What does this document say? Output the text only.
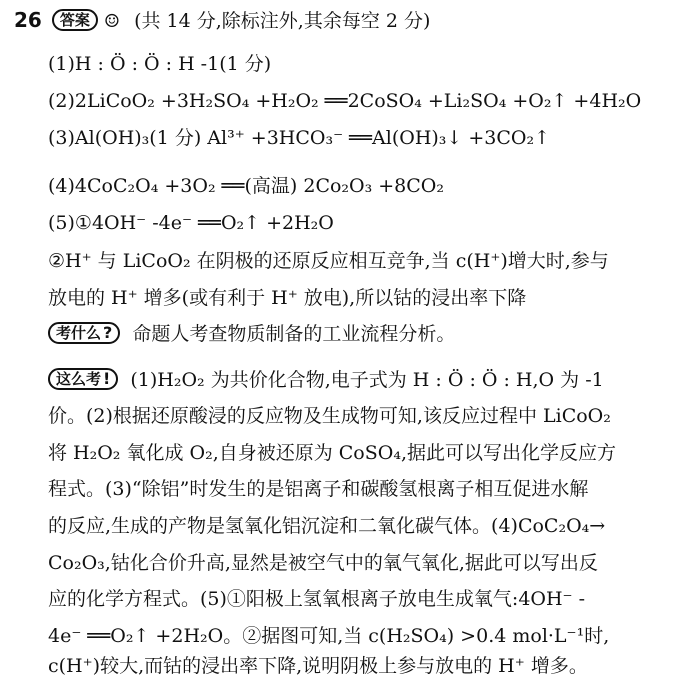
26 答案 ☺ (共 14 分,除标注外,其余每空 2 分)
(1)H : Ö : Ö : H -1(1 分)
(2)2LiCoO₂ +3H₂SO₄ +H₂O₂ ══2CoSO₄ +Li₂SO₄ +O₂↑ +4H₂O
(3)Al(OH)₃(1 分) Al³⁺ +3HCO₃⁻ ══Al(OH)₃↓ +3CO₂↑
(4)4CoC₂O₄ +3O₂ ══(高温) 2Co₂O₃ +8CO₂
(5)①4OH⁻ -4e⁻ ══O₂↑ +2H₂O
②H⁺ 与 LiCoO₂ 在阴极的还原反应相互竞争,当 c(H⁺)增大时,参与
放电的 H⁺ 增多(或有利于 H⁺ 放电),所以钴的浸出率下降
考什么 ? 命题人考查物质制备的工业流程分析。
这么考 ! (1)H₂O₂ 为共价化合物,电子式为 H : Ö : Ö : H,O 为 -1
价。(2)根据还原酸浸的反应物及生成物可知,该反应过程中 LiCoO₂
将 H₂O₂ 氧化成 O₂,自身被还原为 CoSO₄,据此可以写出化学反应方
程式。(3)“除铝”时发生的是铝离子和碳酸氢根离子相互促进水解
的反应,生成的产物是氢氧化铝沉淀和二氧化碳气体。(4)CoC₂O₄→
Co₂O₃,钴化合价升高,显然是被空气中的氧气氧化,据此可以写出反
应的化学方程式。(5)①阳极上氢氧根离子放电生成氧气:4OH⁻ -
4e⁻ ══O₂↑ +2H₂O。②据图可知,当 c(H₂SO₄) >0.4 mol·L⁻¹时,
c(H⁺)较大,而钴的浸出率下降,说明阴极上参与放电的 H⁺ 增多。
